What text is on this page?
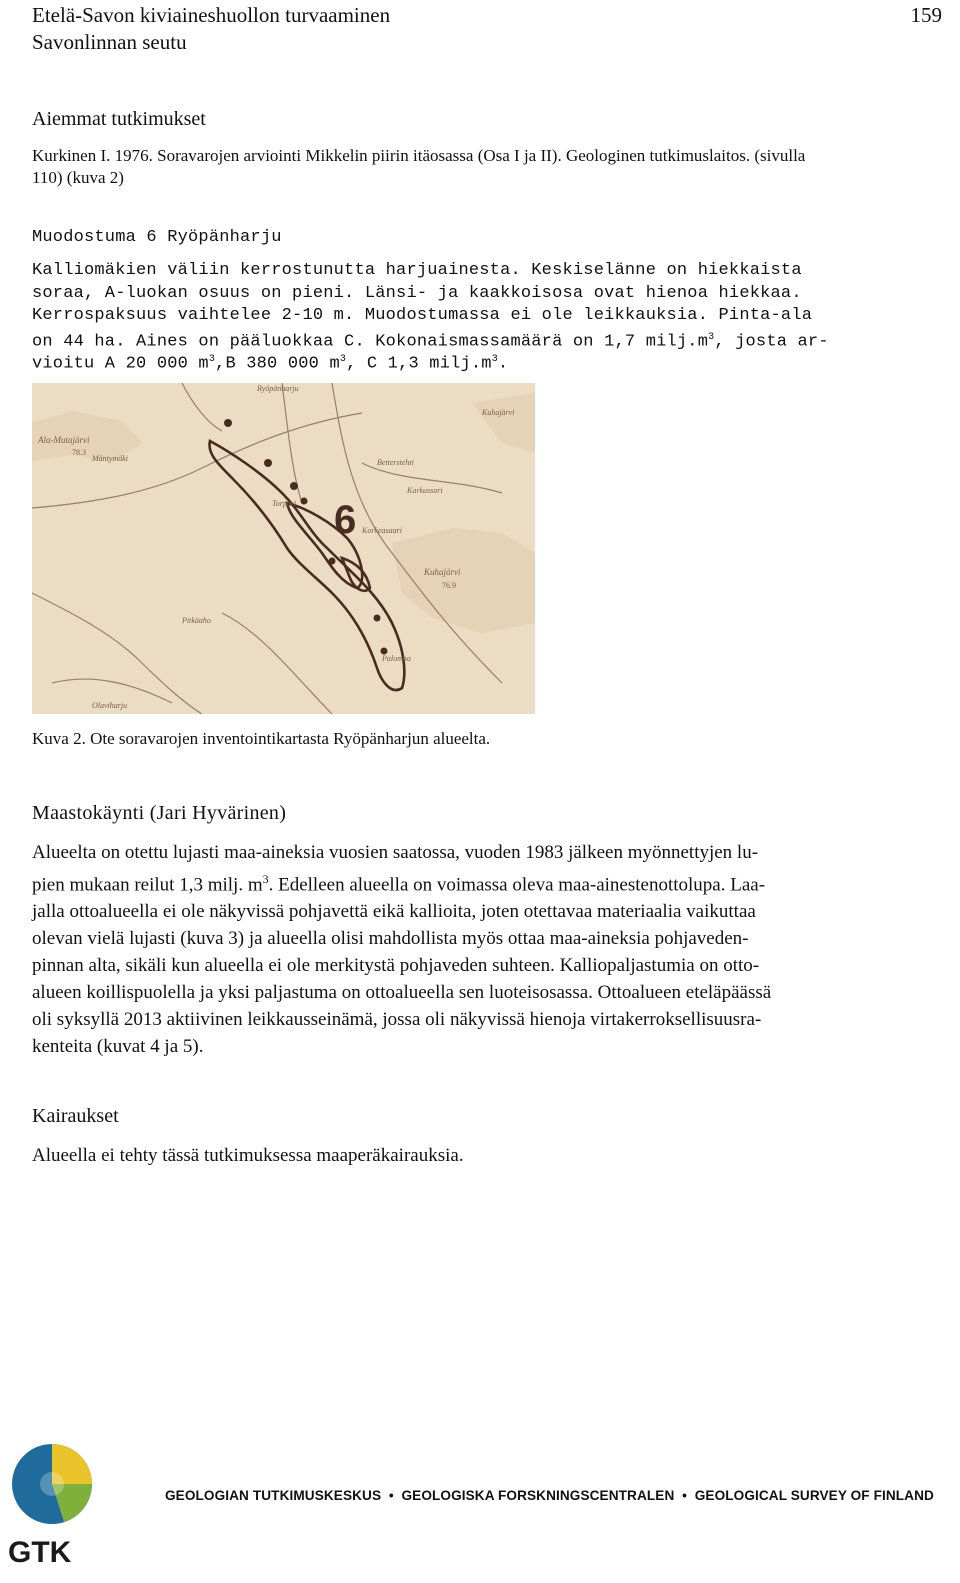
Etelä-Savon kiviaineshuollon turvaaminen
Savonlinnan seutu
159
Aiemmat tutkimukset
Kurkinen I. 1976. Soravarojen arviointi Mikkelin piirin itäosassa (Osa I ja II). Geologinen tutkimuslaitos. (sivulla
110) (kuva 2)
Muodostuma 6 Ryöpänharju
Kalliomäkien väliin kerrostunutta harjuainesta. Keskiselänne on hiekkaista
soraa, A-luokan osuus on pieni. Länsi- ja kaakkoisosa ovat hienoa hiekkaa.
Kerrospaksuus vaihtelee 2-10 m. Muodostumassa ei ole leikkauksia. Pinta-ala
on 44 ha. Aines on pääluokkaa C. Kokonaismassamäärä on 1,7 $milj.m^3$, josta ar-
vioitu A 20 000 $m^3,B$ 380 000 $m^3$, C 1,3 $milj.m^3$.
6
Ryöpänharju
Ala-Mutajärvi
Kuhajärvi
Kuhajärvi
Betterstehti
Karkussari
Torpari
Korkeasaari
Palomaa
Pitkäaho
Olaviharju
Mäntymäki
78.3
76.9
Kuva 2. Ote soravarojen inventointikartasta Ryöpänharjun alueelta.
Maastokäynti (Jari Hyvärinen)
Alueelta on otettu lujasti maa-aineksia vuosien saatossa, vuoden 1983 jälkeen myönnettyjen lu-
pien mukaan reilut 1,3 milj. $m^3$. Edelleen alueella on voimassa oleva maa-ainestenottolupa. Laa-
jalla ottoalueella ei ole näkyvissä pohjavettä eikä kallioita, joten otettavaa materiaalia vaikuttaa
olevan vielä lujasti (kuva 3) ja alueella olisi mahdollista myös ottaa maa-aineksia pohjaveden-
pinnan alta, sikäli kun alueella ei ole merkitystä pohjaveden suhteen. Kalliopaljastumia on otto-
alueen koillispuolella ja yksi paljastuma on ottoalueella sen luoteisosassa. Ottoalueen eteläpäässä
oli syksyllä 2013 aktiivinen leikkausseinämä, jossa oli näkyvissä hienoja virtakerroksellisuusra-
kenteita (kuvat 4 ja 5).
Kairaukset
Alueella ei tehty tässä tutkimuksessa maaperäkairauksia.
GTK
GEOLOGIAN TUTKIMUSKESKUS  •  GEOLOGISKA FORSKNINGSCENTRALEN  •  GEOLOGICAL SURVEY OF FINLAND
